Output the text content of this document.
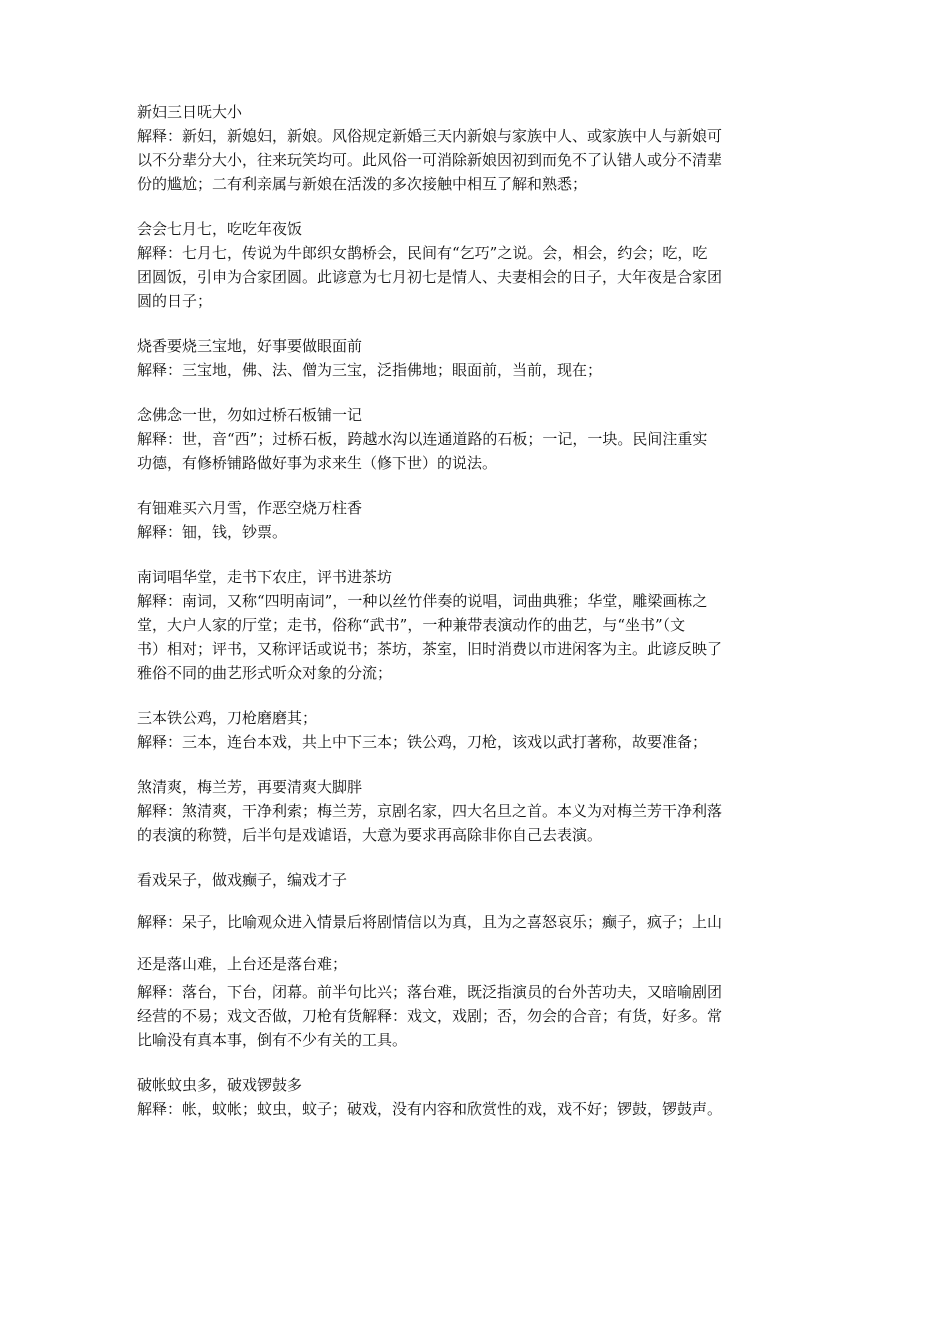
新妇三日呒大小

解释：新妇，新媳妇，新娘。风俗规定新婚三天内新娘与家族中人、或家族中人与新娘可

以不分辈分大小，往来玩笑均可。此风俗一可消除新娘因初到而免不了认错人或分不清辈

份的尴尬；二有利亲属与新娘在活泼的多次接触中相互了解和熟悉；

会会七月七，吃吃年夜饭

解释：七月七，传说为牛郎织女鹊桥会，民间有“乞巧”之说。会，相会，约会；吃，吃

团圆饭，引申为合家团圆。此谚意为七月初七是情人、夫妻相会的日子，大年夜是合家团

圆的日子；

烧香要烧三宝地，好事要做眼面前

解释：三宝地，佛、法、僧为三宝，泛指佛地；眼面前，当前，现在；

念佛念一世，勿如过桥石板铺一记

解释：世，音“西”；过桥石板，跨越水沟以连通道路的石板；一记，一块。民间注重实

功德，有修桥铺路做好事为求来生（修下世）的说法。

有钿难买六月雪，作恶空烧万柱香

解释：钿，钱，钞票。

南词唱华堂，走书下农庄，评书进茶坊

解释：南词，又称“四明南词”，一种以丝竹伴奏的说唱，词曲典雅；华堂，雕梁画栋之

堂，大户人家的厅堂；走书，俗称“武书”，一种兼带表演动作的曲艺，与“坐书”（文

书）相对；评书，又称评话或说书；茶坊，茶室，旧时消费以市进闲客为主。此谚反映了

雅俗不同的曲艺形式听众对象的分流；

三本铁公鸡，刀枪磨磨其；

解释：三本，连台本戏，共上中下三本；铁公鸡，刀枪，该戏以武打著称，故要准备；

煞清爽，梅兰芳，再要清爽大脚胖

解释：煞清爽，干净利索；梅兰芳，京剧名家，四大名旦之首。本义为对梅兰芳干净利落

的表演的称赞，后半句是戏谑语，大意为要求再高除非你自己去表演。

看戏呆子，做戏癫子，编戏才子

解释：呆子，比喻观众进入情景后将剧情信以为真，且为之喜怒哀乐；癫子，疯子；上山

还是落山难，上台还是落台难；

解释：落台，下台，闭幕。前半句比兴；落台难，既泛指演员的台外苦功夫，又暗喻剧团

经营的不易；戏文否做，刀枪有货解释：戏文，戏剧；否，勿会的合音；有货，好多。常

比喻没有真本事，倒有不少有关的工具。

破帐蚊虫多，破戏锣鼓多

解释：帐，蚊帐；蚊虫，蚊子；破戏，没有内容和欣赏性的戏，戏不好；锣鼓，锣鼓声。
